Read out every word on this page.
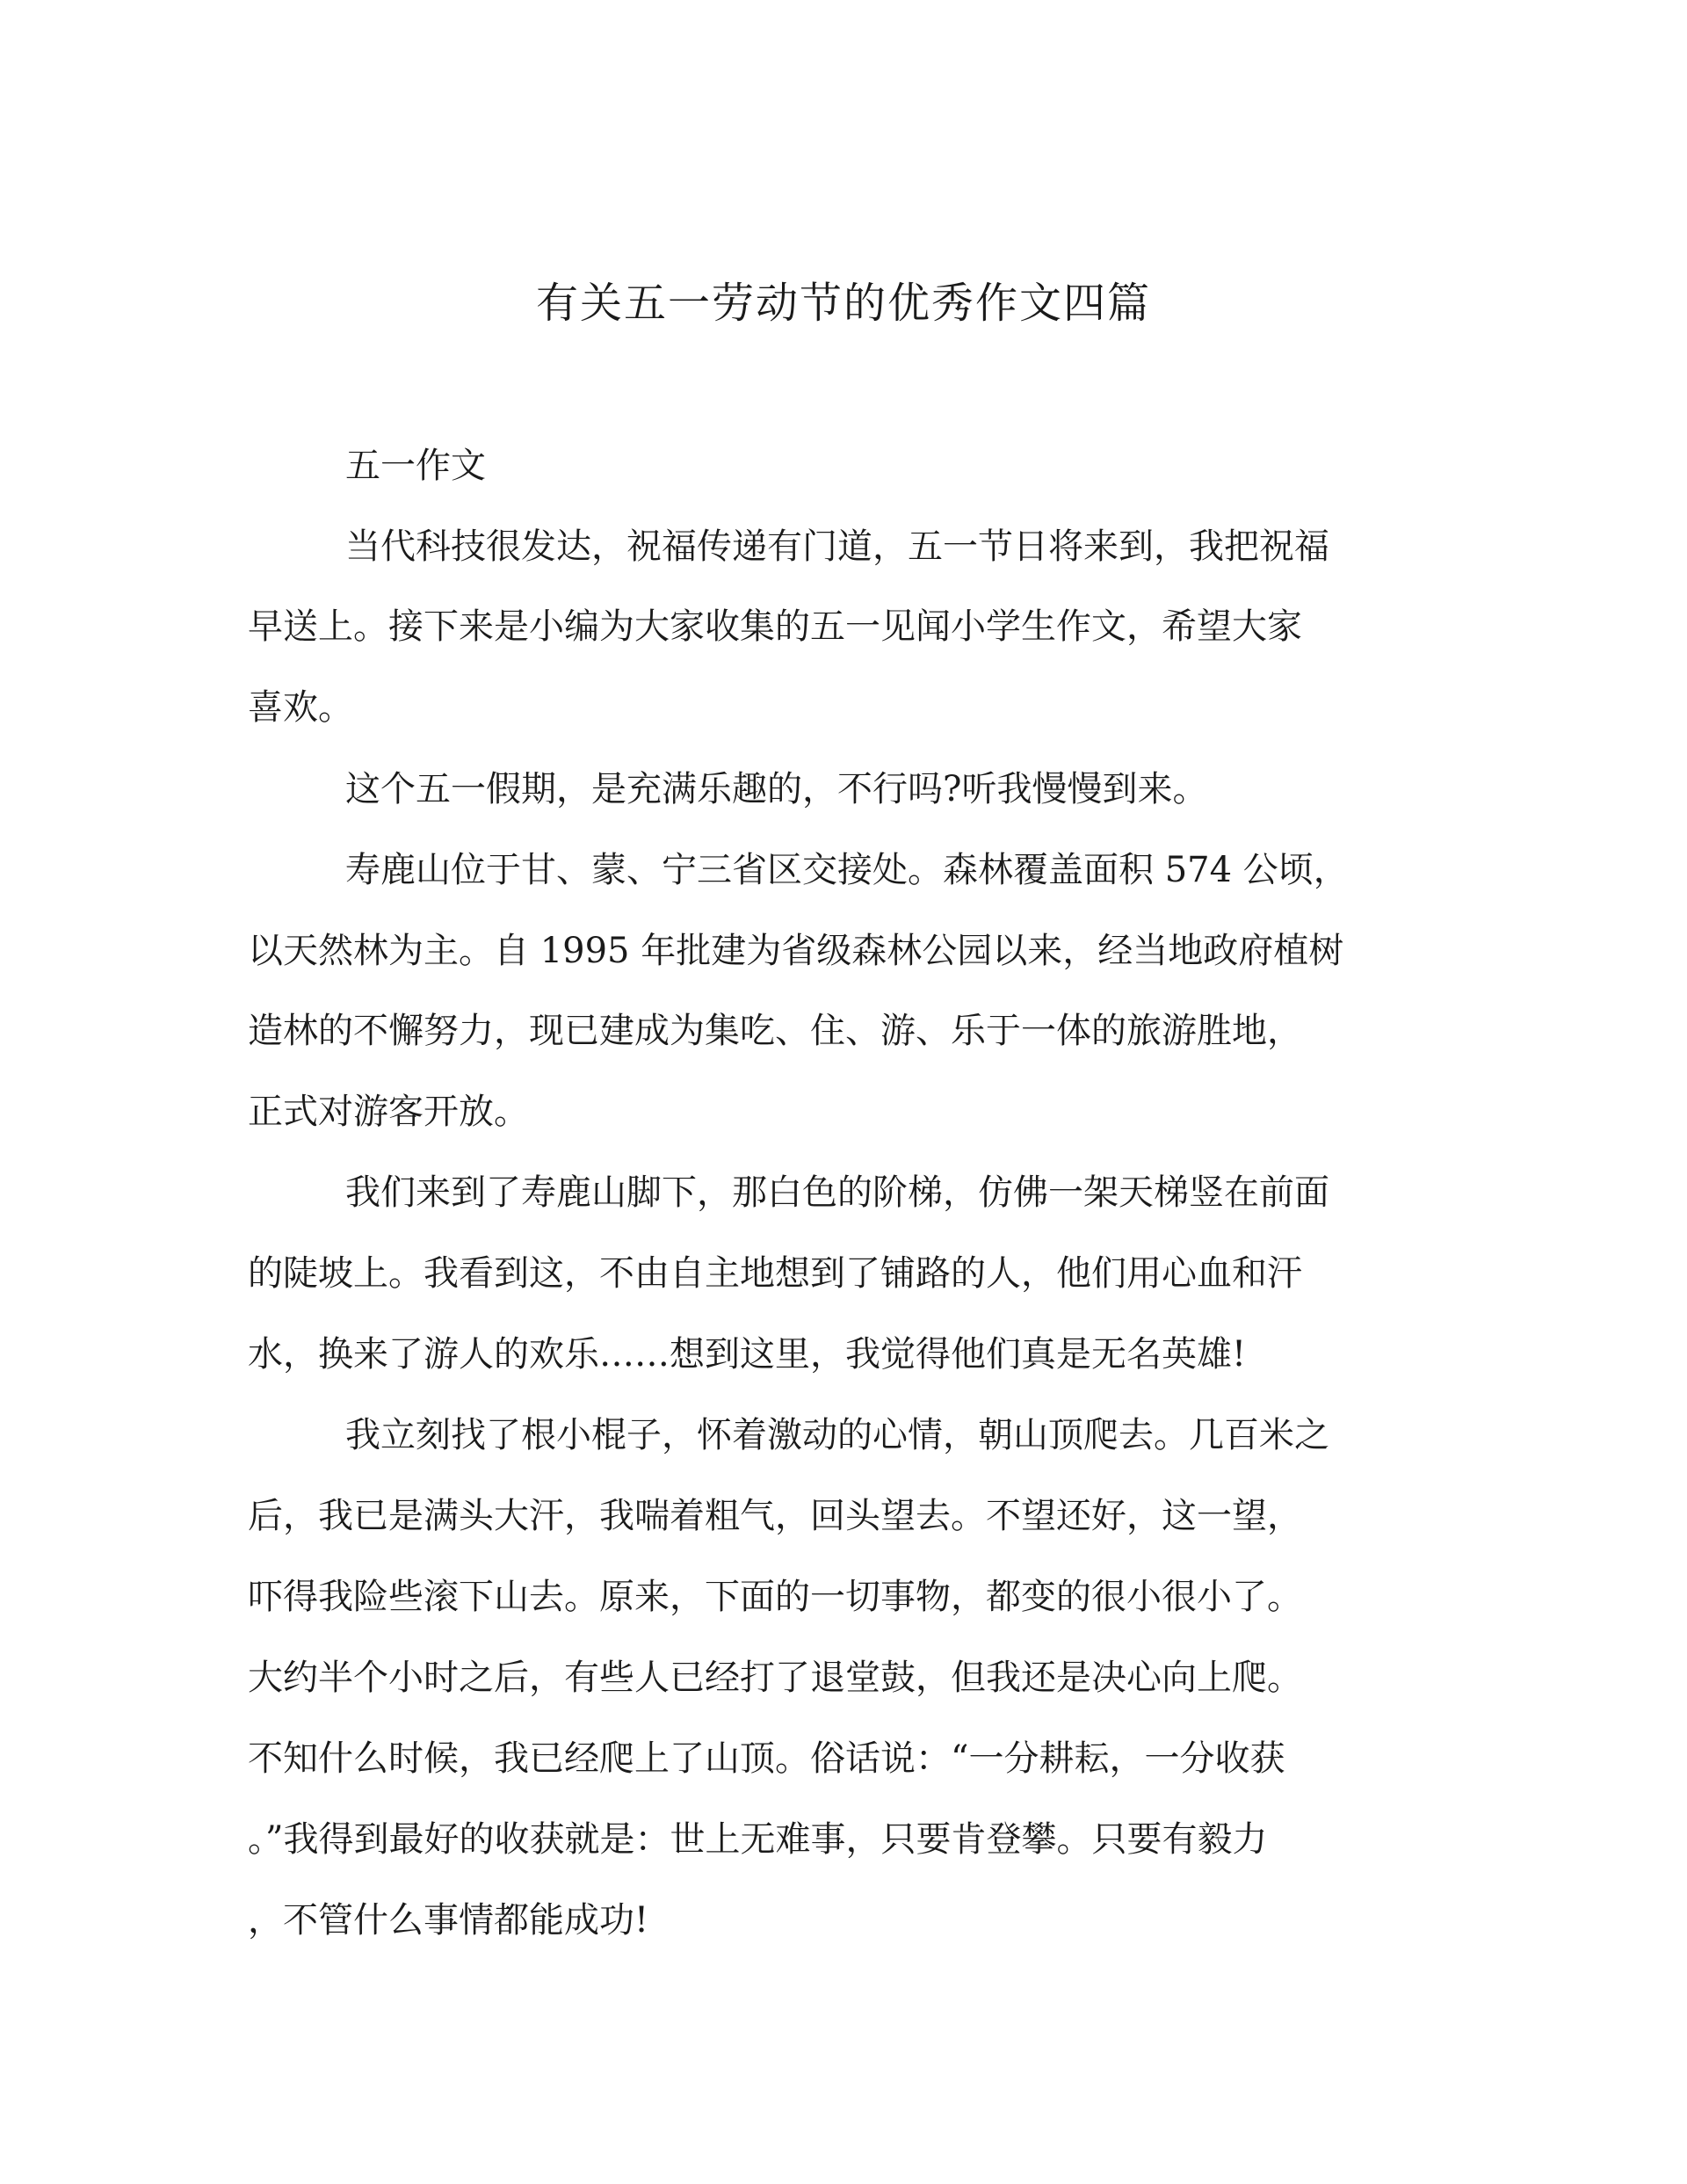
有关五一劳动节的优秀作文四篇
五一作文
当代科技很发达，祝福传递有门道，五一节日将来到，我把祝福
早送上。接下来是小编为大家收集的五一见闻小学生作文，希望大家
喜欢。
这个五一假期，是充满乐趣的，不行吗?听我慢慢到来。
寿鹿山位于甘、蒙、宁三省区交接处。森林覆盖面积 574 公顷，
以天然林为主。自 1995 年批建为省级森林公园以来，经当地政府植树
造林的不懈努力，现已建成为集吃、住、游、乐于一体的旅游胜地，
正式对游客开放。
我们来到了寿鹿山脚下，那白色的阶梯，仿佛一架天梯竖在前面
的陡坡上。我看到这，不由自主地想到了铺路的人，他们用心血和汗
水，换来了游人的欢乐……想到这里，我觉得他们真是无名英雄!
我立刻找了根小棍子，怀着激动的心情，朝山顶爬去。几百米之
后，我已是满头大汗，我喘着粗气，回头望去。不望还好，这一望，
吓得我险些滚下山去。原来，下面的一切事物，都变的很小很小了。
大约半个小时之后，有些人已经打了退堂鼓，但我还是决心向上爬。
不知什么时候，我已经爬上了山顶。俗话说：“一分耕耘，一分收获
。”我得到最好的收获就是：世上无难事，只要肯登攀。只要有毅力
，不管什么事情都能成功!
